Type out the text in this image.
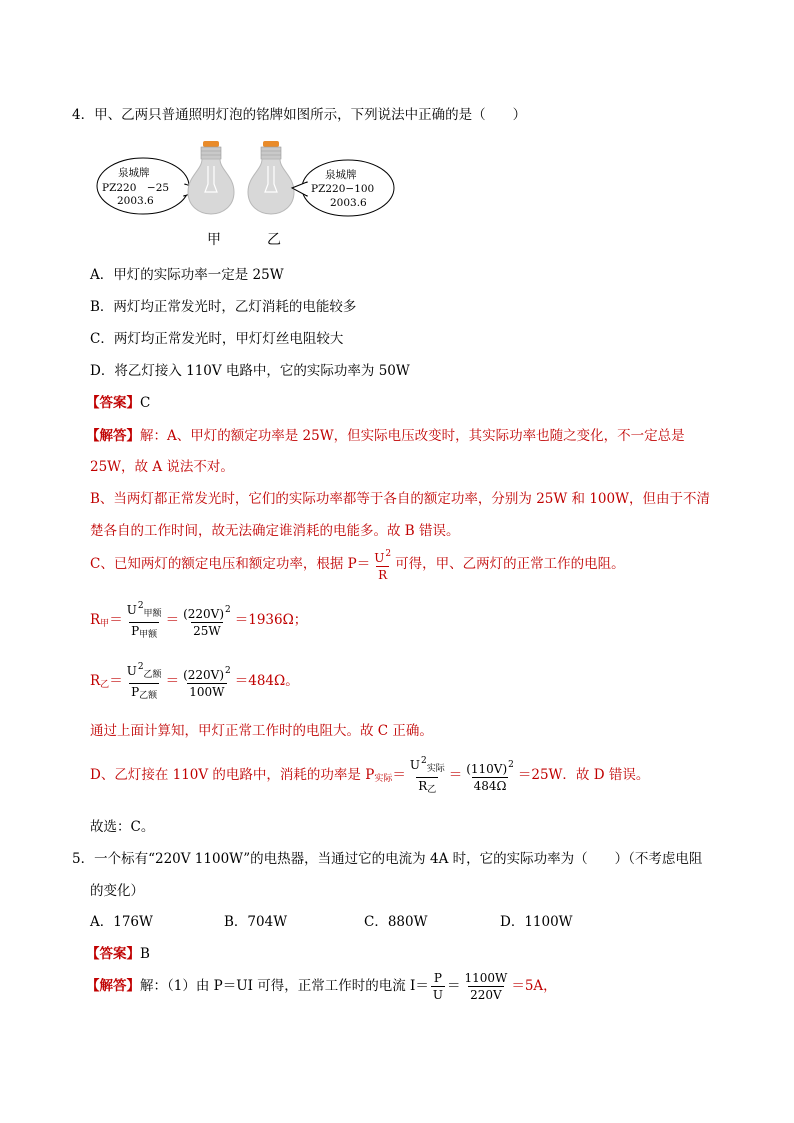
4．甲、乙两只普通照明灯泡的铭牌如图所示，下列说法中正确的是（　　）
泉城牌
PZ220　−25
2003.6
泉城牌
PZ220−100
2003.6
甲	乙
A．甲灯的实际功率一定是 25W
B．两灯均正常发光时，乙灯消耗的电能较多
C．两灯均正常发光时，甲灯灯丝电阻较大
D．将乙灯接入 110V 电路中，它的实际功率为 50W
【答案】C
【解答】解：A、甲灯的额定功率是 25W，但实际电压改变时，其实际功率也随之变化，不一定总是
25W，故 A 说法不对。
B、当两灯都正常发光时，它们的实际功率都等于各自的额定功率，分别为 25W 和 100W，但由于不清
楚各自的工作时间，故无法确定谁消耗的电能多。故 B 错误。
C、已知两灯的额定电压和额定功率，根据 $P= \frac{U^2}{R}$ 可得，甲、乙两灯的正常工作的电阻。
$R_甲= \frac{U^2_{甲额}}{P_{甲额}} = \frac{(220V)^2}{25W} =1936\Omega$；
$R_乙= \frac{U^2_{乙额}}{P_{乙额}} = \frac{(220V)^2}{100W} =484\Omega$。
通过上面计算知，甲灯正常工作时的电阻大。故 C 正确。
D、乙灯接在 110V 的电路中，消耗的功率是 $P_{实际}= \frac{U^2_{实际}}{R_乙} = \frac{(110V)^2}{484\Omega} =25W$．故 D 错误。
故选：C。
5．一个标有“220V 1100W”的电热器，当通过它的电流为 4A 时，它的实际功率为（　　）（不考虑电阻
的变化）
A．176W	B．704W	C．880W	D．1100W
【答案】B
【解答】解：（1）由 P＝UI 可得，正常工作时的电流 $I= \frac{P}{U} = \frac{1100W}{220V} =5A$，
